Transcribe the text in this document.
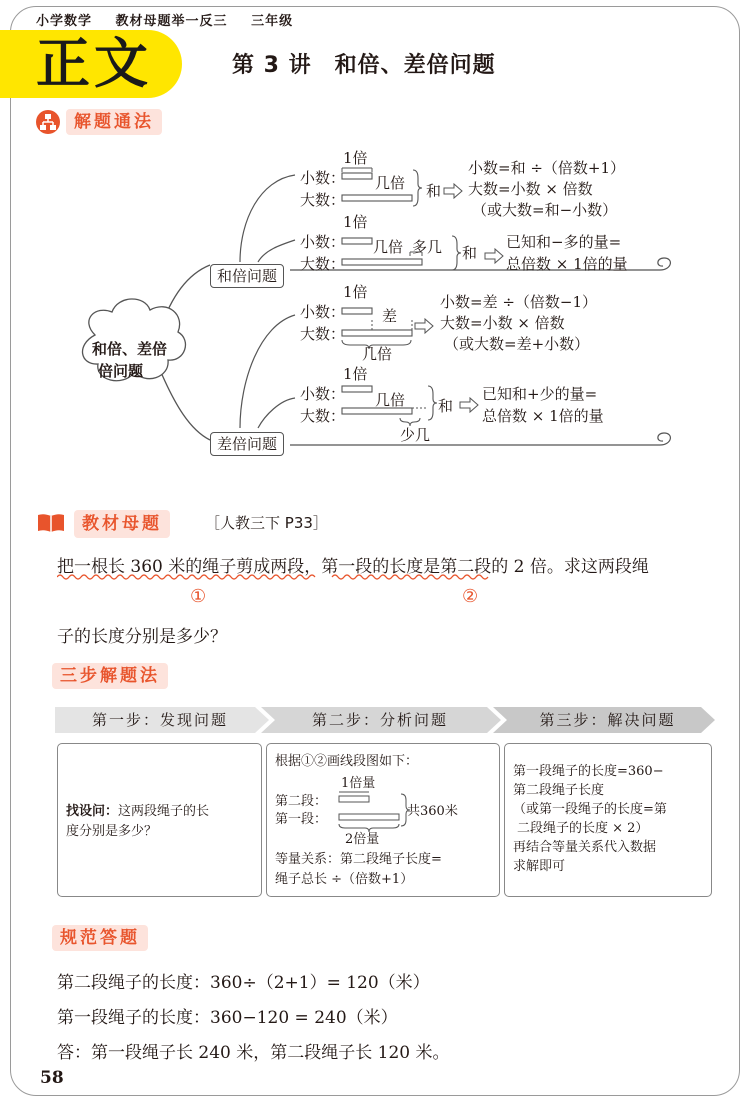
小学数学 教材母题举一反三 三年级
正文	第 3 讲　和倍、差倍问题
解题通法
和倍、差倍
倍问题
和倍问题
差倍问题
1倍
小数：
大数：
几倍 和
小数=和 ÷（倍数+1）
大数=小数 × 倍数
（或大数=和−小数）
1倍
小数：
大数：
几倍 多几 和
已知和−多的量=
总倍数 × 1倍的量
1倍
小数：
大数：
差
几倍
小数=差 ÷（倍数−1）
大数=小数 × 倍数
（或大数=差+小数）
1倍
小数：
大数：
几倍
少几
和
已知和+少的量=
总倍数 × 1倍的量
教材母题	［人教三下 P33］
把一根长 360 米的绳子剪成两段，第一段的长度是第二段的 2 倍。求这两段绳
①	②
子的长度分别是多少？
三步解题法
第一步：发现问题	第二步：分析问题	第三步：解决问题
找设问：这两段绳子的长
度分别是多少？
根据①②画线段图如下：
1倍量
第二段：
第一段：
共360米
2倍量
等量关系：第二段绳子长度=
绳子总长 ÷（倍数+1）
第一段绳子的长度=360−
第二段绳子长度
（或第一段绳子的长度=第
二段绳子的长度 × 2）
再结合等量关系代入数据
求解即可
规范答题
第二段绳子的长度：360÷（2+1）= 120（米）
第一段绳子的长度：360−120 = 240（米）
答：第一段绳子长 240 米，第二段绳子长 120 米。
58
